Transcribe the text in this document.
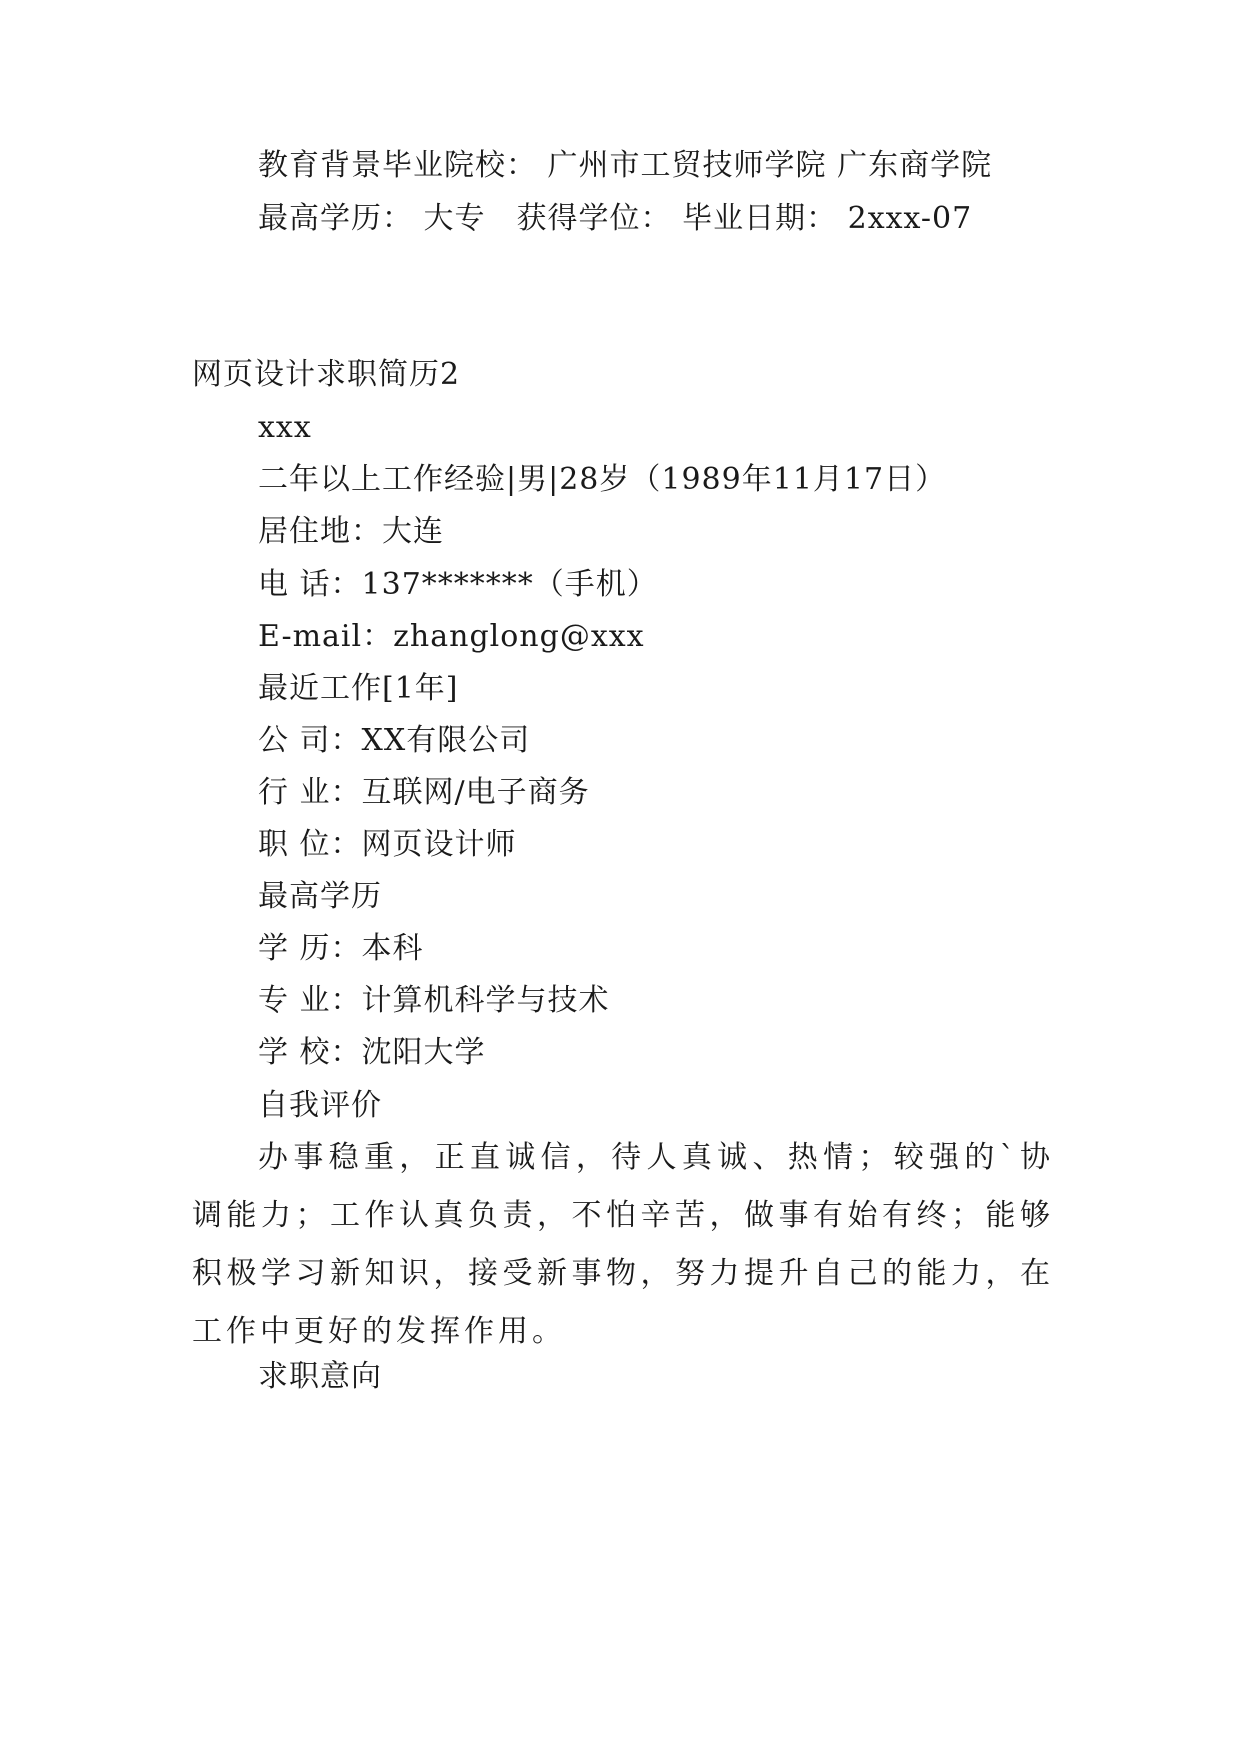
教育背景毕业院校： 广州市工贸技师学院 广东商学院
最高学历： 大专　获得学位： 毕业日期： 2xxx-07
网页设计求职简历2
xxx
二年以上工作经验|男|28岁（1989年11月17日）
居住地：大连
电 话：137*******（手机）
E-mail：zhanglong@xxx
最近工作[1年]
公 司：XX有限公司
行 业：互联网/电子商务
职 位：网页设计师
最高学历
学 历：本科
专 业：计算机科学与技术
学 校：沈阳大学
自我评价
办事稳重，正直诚信，待人真诚、热情；较强的`协调能力；工作认真负责，不怕辛苦，做事有始有终；能够积极学习新知识，接受新事物，努力提升自己的能力，在工作中更好的发挥作用。
求职意向
